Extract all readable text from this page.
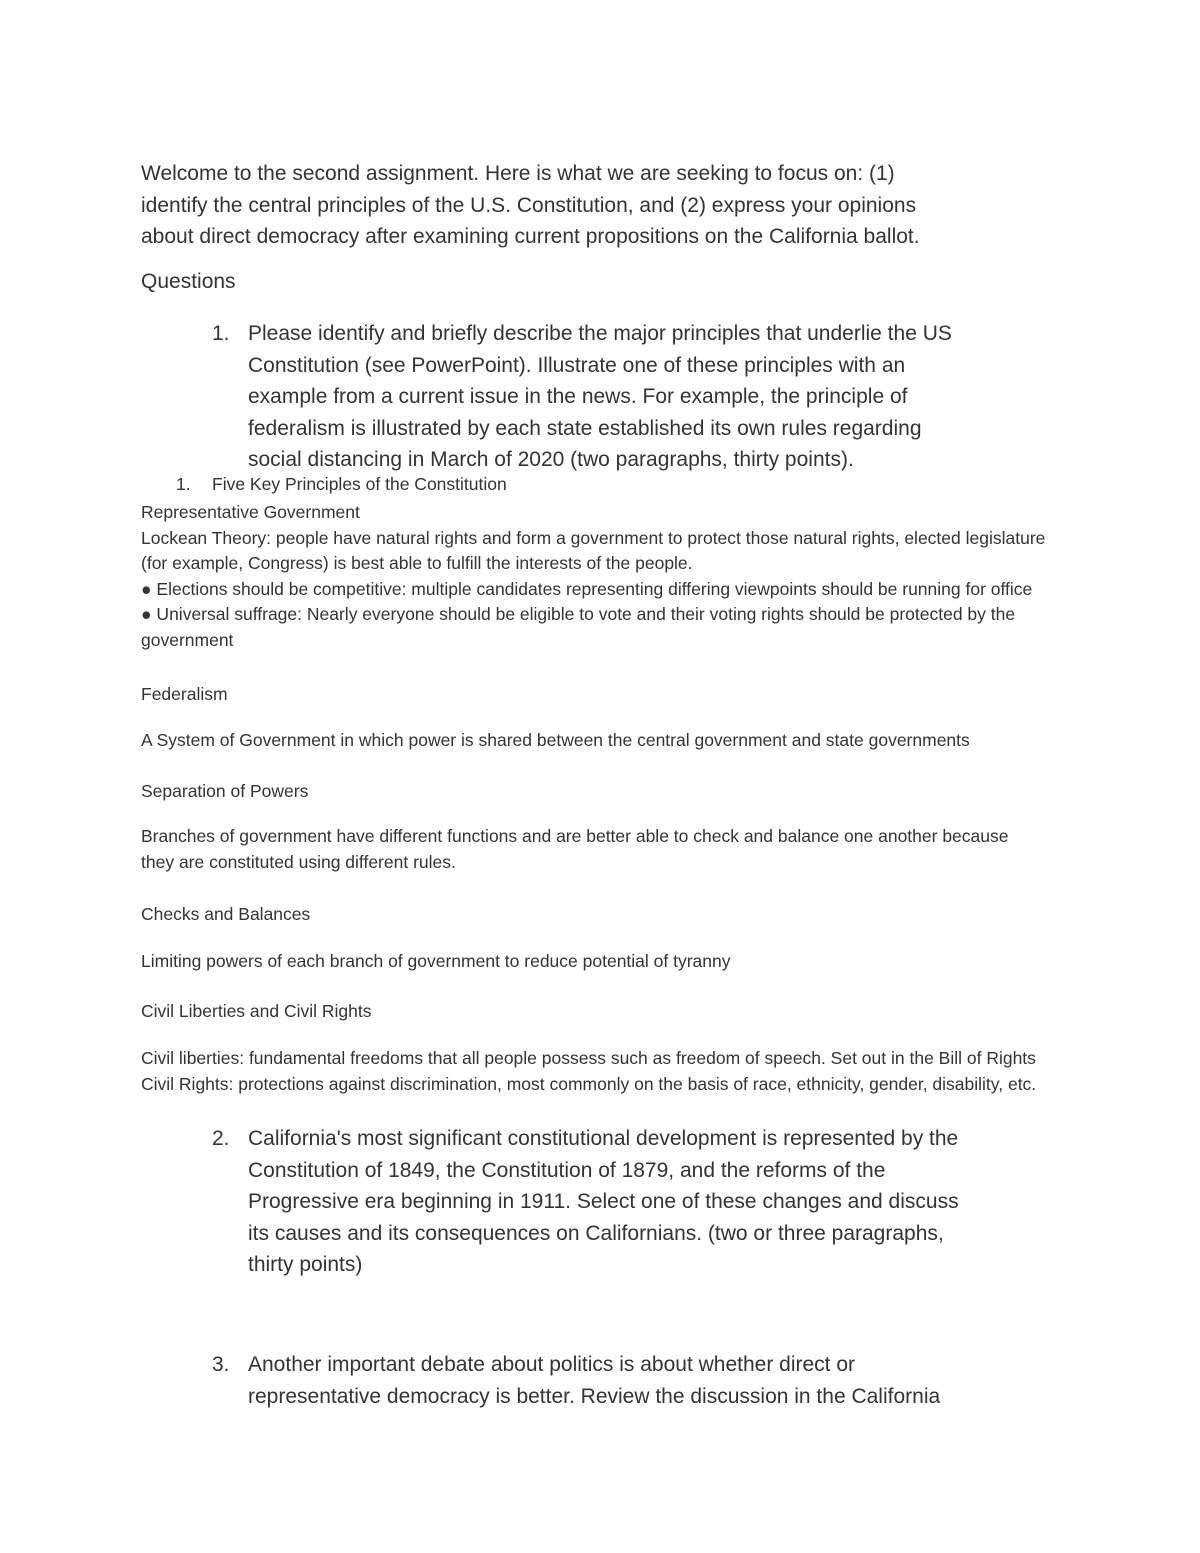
Welcome to the second assignment. Here is what we are seeking to focus on: (1)
identify the central principles of the U.S. Constitution, and (2) express your opinions
about direct democracy after examining current propositions on the California ballot.
Questions
1. Please identify and briefly describe the major principles that underlie the US
Constitution (see PowerPoint). Illustrate one of these principles with an
example from a current issue in the news. For example, the principle of
federalism is illustrated by each state established its own rules regarding
social distancing in March of 2020 (two paragraphs, thirty points).
1. Five Key Principles of the Constitution
Representative Government
Lockean Theory: people have natural rights and form a government to protect those natural rights, elected legislature
(for example, Congress) is best able to fulfill the interests of the people.
● Elections should be competitive: multiple candidates representing differing viewpoints should be running for office
● Universal suffrage: Nearly everyone should be eligible to vote and their voting rights should be protected by the
government
Federalism
A System of Government in which power is shared between the central government and state governments
Separation of Powers
Branches of government have different functions and are better able to check and balance one another because
they are constituted using different rules.
Checks and Balances
Limiting powers of each branch of government to reduce potential of tyranny
Civil Liberties and Civil Rights
Civil liberties: fundamental freedoms that all people possess such as freedom of speech. Set out in the Bill of Rights
Civil Rights: protections against discrimination, most commonly on the basis of race, ethnicity, gender, disability, etc.
2. California's most significant constitutional development is represented by the
Constitution of 1849, the Constitution of 1879, and the reforms of the
Progressive era beginning in 1911. Select one of these changes and discuss
its causes and its consequences on Californians. (two or three paragraphs,
thirty points)
3. Another important debate about politics is about whether direct or
representative democracy is better. Review the discussion in the California
